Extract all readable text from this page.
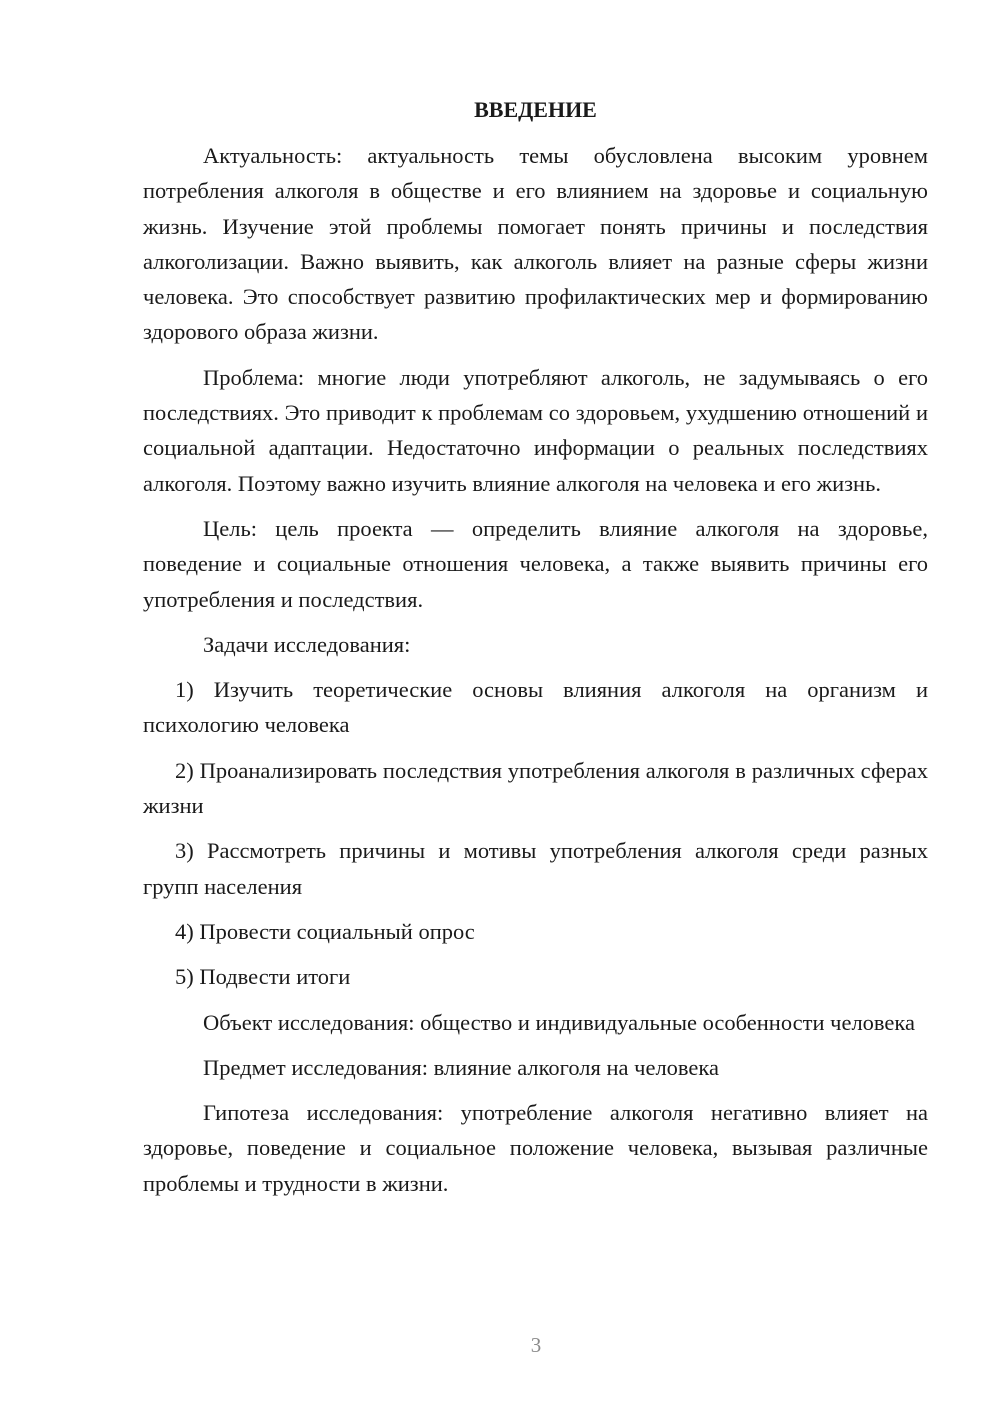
ВВЕДЕНИЕ

Актуальность: актуальность темы обусловлена высоким уровнем потребления алкоголя в обществе и его влиянием на здоровье и социальную жизнь. Изучение этой проблемы помогает понять причины и последствия алкоголизации. Важно выявить, как алкоголь влияет на разные сферы жизни человека. Это способствует развитию профилактических мер и формированию здорового образа жизни.

Проблема: многие люди употребляют алкоголь, не задумываясь о его последствиях. Это приводит к проблемам со здоровьем, ухудшению отношений и социальной адаптации. Недостаточно информации о реальных последствиях алкоголя. Поэтому важно изучить влияние алкоголя на человека и его жизнь.

Цель: цель проекта — определить влияние алкоголя на здоровье, поведение и социальные отношения человека, а также выявить причины его употребления и последствия.

Задачи исследования:

1) Изучить теоретические основы влияния алкоголя на организм и психологию человека

2) Проанализировать последствия употребления алкоголя в различных сферах жизни

3) Рассмотреть причины и мотивы употребления алкоголя среди разных групп населения

4) Провести социальный опрос

5) Подвести итоги

Объект исследования: общество и индивидуальные особенности человека

Предмет исследования: влияние алкоголя на человека

Гипотеза исследования: употребление алкоголя негативно влияет на здоровье, поведение и социальное положение человека, вызывая различные проблемы и трудности в жизни.

3
